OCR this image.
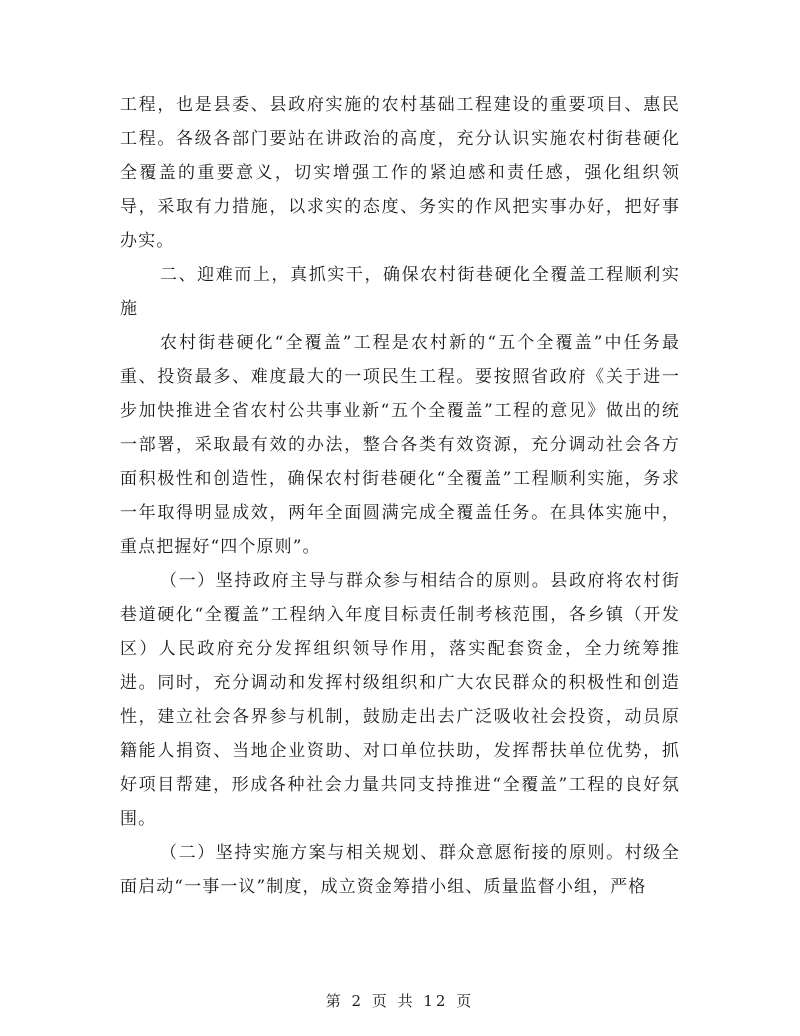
工程，也是县委、县政府实施的农村基础工程建设的重要项目、惠民工程。各级各部门要站在讲政治的高度，充分认识实施农村街巷硬化全覆盖的重要意义，切实增强工作的紧迫感和责任感，强化组织领导，采取有力措施，以求实的态度、务实的作风把实事办好，把好事办实。

二、迎难而上，真抓实干，确保农村街巷硬化全覆盖工程顺利实施

农村街巷硬化“全覆盖”工程是农村新的“五个全覆盖”中任务最重、投资最多、难度最大的一项民生工程。要按照省政府《关于进一步加快推进全省农村公共事业新“五个全覆盖”工程的意见》做出的统一部署，采取最有效的办法，整合各类有效资源，充分调动社会各方面积极性和创造性，确保农村街巷硬化“全覆盖”工程顺利实施，务求一年取得明显成效，两年全面圆满完成全覆盖任务。在具体实施中，重点把握好“四个原则”。

（一）坚持政府主导与群众参与相结合的原则。县政府将农村街巷道硬化“全覆盖”工程纳入年度目标责任制考核范围，各乡镇（开发区）人民政府充分发挥组织领导作用，落实配套资金，全力统筹推进。同时，充分调动和发挥村级组织和广大农民群众的积极性和创造性，建立社会各界参与机制，鼓励走出去广泛吸收社会投资，动员原籍能人捐资、当地企业资助、对口单位扶助，发挥帮扶单位优势，抓好项目帮建，形成各种社会力量共同支持推进“全覆盖”工程的良好氛围。

（二）坚持实施方案与相关规划、群众意愿衔接的原则。村级全面启动“一事一议”制度，成立资金筹措小组、质量监督小组，严格

第 2 页 共 12 页
